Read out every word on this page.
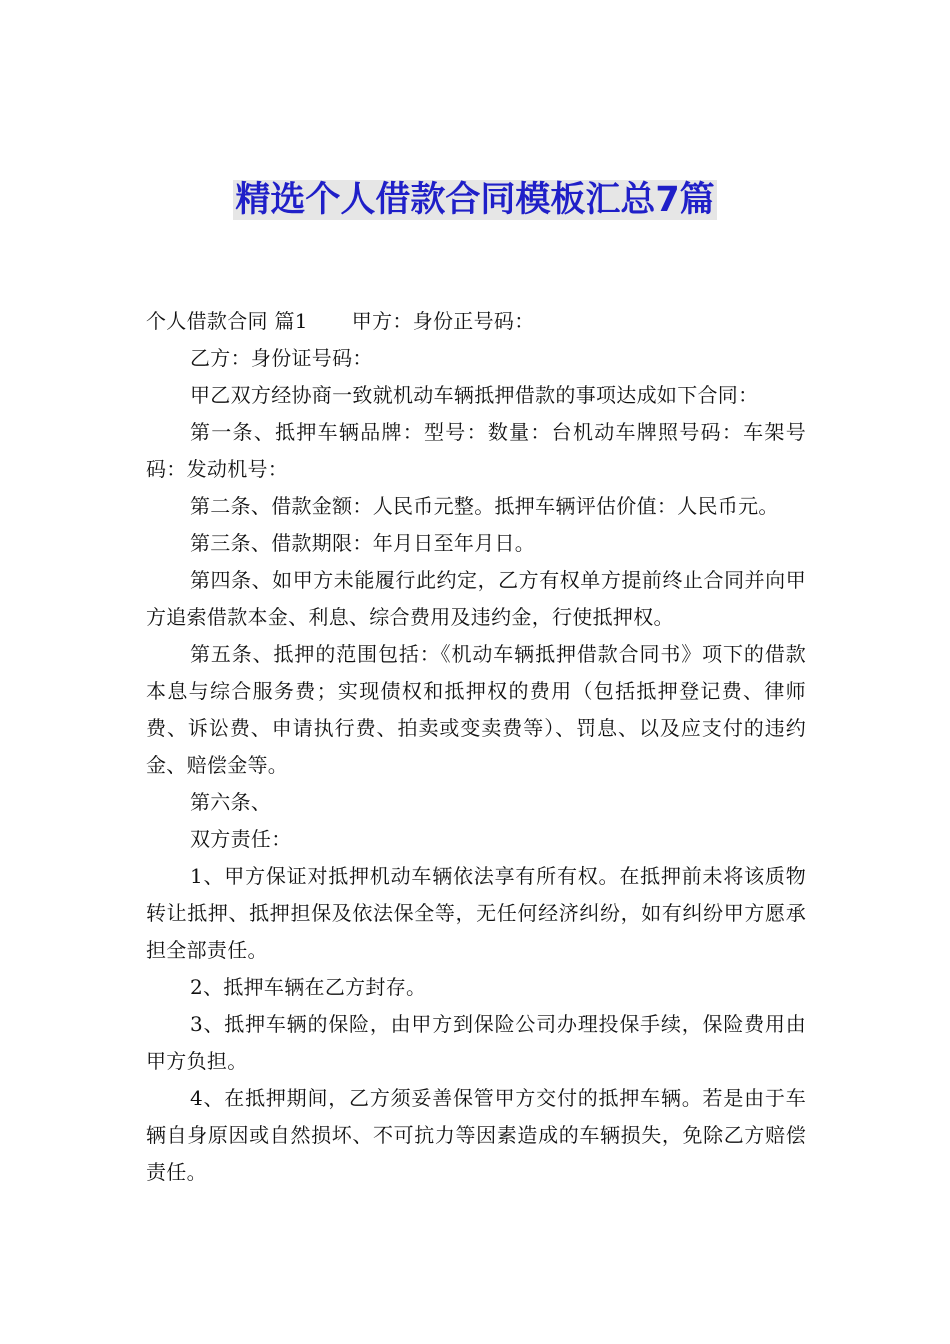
精选个人借款合同模板汇总7篇

个人借款合同 篇1 甲方：身份正号码：

乙方：身份证号码：

甲乙双方经协商一致就机动车辆抵押借款的事项达成如下合同：

第一条、抵押车辆品牌：型号：数量：台机动车牌照号码：车架号码：发动机号：

第二条、借款金额：人民币元整。抵押车辆评估价值：人民币元。

第三条、借款期限：年月日至年月日。

第四条、如甲方未能履行此约定，乙方有权单方提前终止合同并向甲方追索借款本金、利息、综合费用及违约金，行使抵押权。

第五条、抵押的范围包括：《机动车辆抵押借款合同书》项下的借款本息与综合服务费；实现债权和抵押权的费用（包括抵押登记费、律师费、诉讼费、申请执行费、拍卖或变卖费等）、罚息、以及应支付的违约金、赔偿金等。

第六条、

双方责任：

1、甲方保证对抵押机动车辆依法享有所有权。在抵押前未将该质物转让抵押、抵押担保及依法保全等，无任何经济纠纷，如有纠纷甲方愿承担全部责任。

2、抵押车辆在乙方封存。

3、抵押车辆的保险，由甲方到保险公司办理投保手续，保险费用由甲方负担。

4、在抵押期间，乙方须妥善保管甲方交付的抵押车辆。若是由于车辆自身原因或自然损坏、不可抗力等因素造成的车辆损失，免除乙方赔偿责任。
